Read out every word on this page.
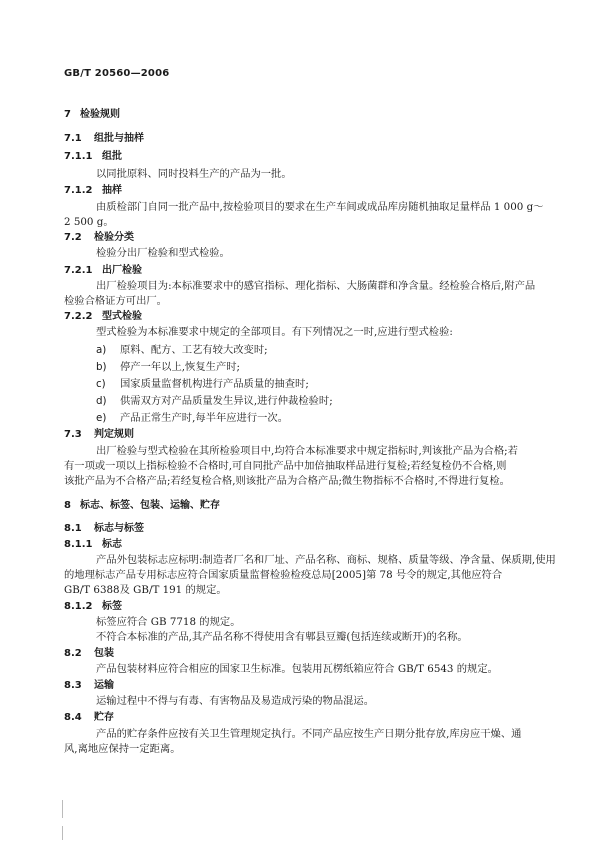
GB/T 20560—2006
7 检验规则
7.1 组批与抽样
7.1.1 组批
以同批原料、同时投料生产的产品为一批。
7.1.2 抽样
由质检部门自同一批产品中,按检验项目的要求在生产车间或成品库房随机抽取足量样品 1 000 g～
2 500 g。
7.2 检验分类
检验分出厂检验和型式检验。
7.2.1 出厂检验
出厂检验项目为:本标准要求中的感官指标、理化指标、大肠菌群和净含量。经检验合格后,附产品
检验合格证方可出厂。
7.2.2 型式检验
型式检验为本标准要求中规定的全部项目。有下列情况之一时,应进行型式检验:
a) 原料、配方、工艺有较大改变时;
b) 停产一年以上,恢复生产时;
c) 国家质量监督机构进行产品质量的抽查时;
d) 供需双方对产品质量发生异议,进行仲裁检验时;
e) 产品正常生产时,每半年应进行一次。
7.3 判定规则
出厂检验与型式检验在其所检验项目中,均符合本标准要求中规定指标时,判该批产品为合格;若
有一项或一项以上指标检验不合格时,可自同批产品中加倍抽取样品进行复检;若经复检仍不合格,则
该批产品为不合格产品;若经复检合格,则该批产品为合格产品;微生物指标不合格时,不得进行复检。
8 标志、标签、包装、运输、贮存
8.1 标志与标签
8.1.1 标志
产品外包装标志应标明:制造者厂名和厂址、产品名称、商标、规格、质量等级、净含量、保质期,使用
的地理标志产品专用标志应符合国家质量监督检验检疫总局[2005]第 78 号令的规定,其他应符合
GB/T 6388及 GB/T 191 的规定。
8.1.2 标签
标签应符合 GB 7718 的规定。
不符合本标准的产品,其产品名称不得使用含有郫县豆瓣(包括连续或断开)的名称。
8.2 包装
产品包装材料应符合相应的国家卫生标准。包装用瓦楞纸箱应符合 GB/T 6543 的规定。
8.3 运输
运输过程中不得与有毒、有害物品及易造成污染的物品混运。
8.4 贮存
产品的贮存条件应按有关卫生管理规定执行。不同产品应按生产日期分批存放,库房应干燥、通
风,离地应保持一定距离。
